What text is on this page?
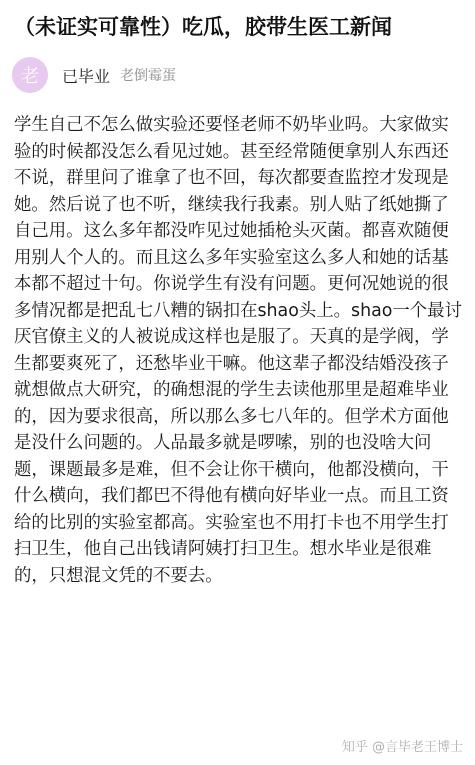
（未证实可靠性）吃瓜，胶带生医工新闻
老	已毕业 老倒霉蛋
学生自己不怎么做实验还要怪老师不奶毕业吗。大家做实验的时候都没怎么看见过她。甚至经常随便拿别人东西还不说，群里问了谁拿了也不回，每次都要查监控才发现是她。然后说了也不听，继续我行我素。别人贴了纸她撕了自己用。这么多年都没咋见过她插枪头灭菌。都喜欢随便用别人个人的。而且这么多年实验室这么多人和她的话基本都不超过十句。你说学生有没有问题。更何况她说的很多情况都是把乱七八糟的锅扣在shao头上。shao一个最讨厌官僚主义的人被说成这样也是服了。天真的是学阀，学生都要爽死了，还愁毕业干嘛。他这辈子都没结婚没孩子就想做点大研究，的确想混的学生去读他那里是超难毕业的，因为要求很高，所以那么多七八年的。但学术方面他是没什么问题的。人品最多就是啰嗦，别的也没啥大问题，课题最多是难，但不会让你干横向，他都没横向，干什么横向，我们都巴不得他有横向好毕业一点。而且工资给的比别的实验室都高。实验室也不用打卡也不用学生打扫卫生，他自己出钱请阿姨打扫卫生。想水毕业是很难的，只想混文凭的不要去。
知乎 @言毕老王博士
